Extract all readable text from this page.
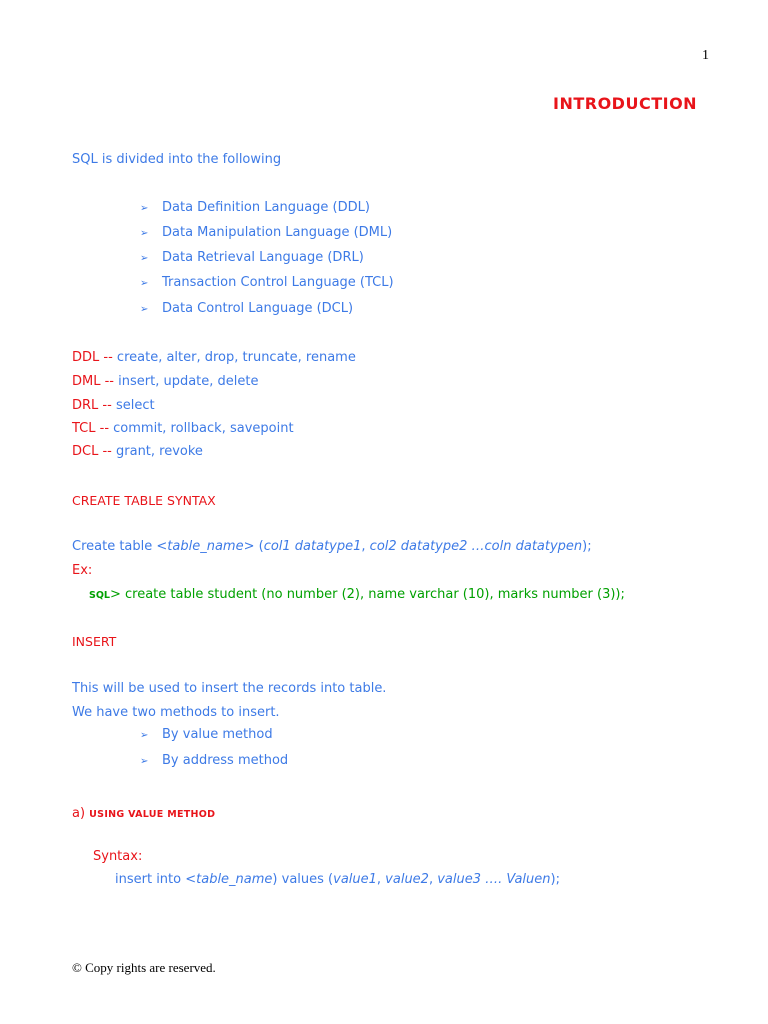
1
INTRODUCTION
SQL is divided into the following
➢ Data Definition Language (DDL)
➢ Data Manipulation Language (DML)
➢ Data Retrieval Language (DRL)
➢ Transaction Control Language (TCL)
➢ Data Control Language (DCL)
DDL -- create, alter, drop, truncate, rename
DML -- insert, update, delete
DRL -- select
TCL -- commit, rollback, savepoint
DCL -- grant, revoke
CREATE TABLE SYNTAX
Create table <table_name> (col1 datatype1, col2 datatype2 …coln datatypen);
Ex:
SQL> create table student (no number (2), name varchar (10), marks number (3));
INSERT
This will be used to insert the records into table.
We have two methods to insert.
➢ By value method
➢ By address method
a) USING VALUE METHOD
Syntax:
insert into <table_name) values (value1, value2, value3 …. Valuen);
© Copy rights are reserved.
